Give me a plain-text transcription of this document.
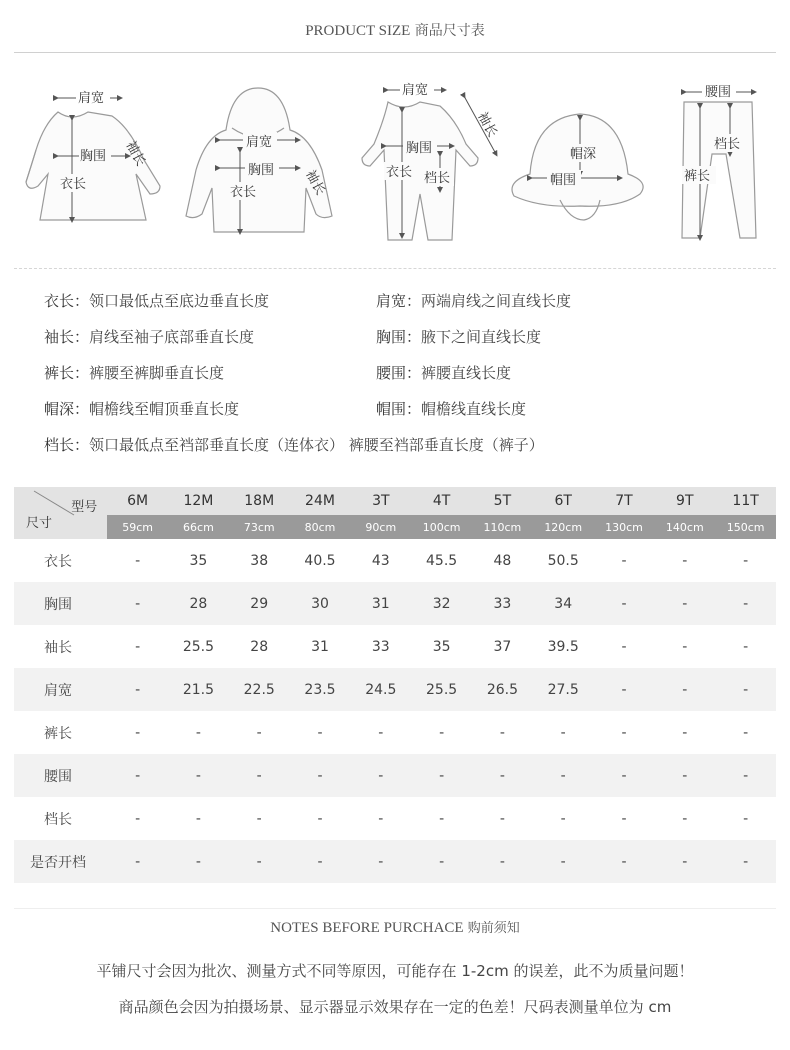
PRODUCT SIZE 商品尺寸表
肩宽
胸围
衣长
袖长	肩宽
胸围
衣长	袖长
肩宽
胸围
衣长 档长
袖长
帽深
帽围
腰围
档长
裤长
衣长：领口最低点至底边垂直长度	肩宽：两端肩线之间直线长度
袖长：肩线至袖子底部垂直长度	胸围：腋下之间直线长度
裤长：裤腰至裤脚垂直长度	腰围：裤腰直线长度
帽深：帽檐线至帽顶垂直长度	帽围：帽檐线直线长度
档长：领口最低点至裆部垂直长度（连体衣） 裤腰至裆部垂直长度（裤子）
型号
尺寸	6M	12M	18M	24M	3T	4T	5T	6T	7T	9T	11T
	59cm	66cm	73cm	80cm	90cm	100cm	110cm	120cm	130cm	140cm	150cm
衣长	-	35	38	40.5	43	45.5	48	50.5	-	-	-
胸围	-	28	29	30	31	32	33	34	-	-	-
袖长	-	25.5	28	31	33	35	37	39.5	-	-	-
肩宽	-	21.5	22.5	23.5	24.5	25.5	26.5	27.5	-	-	-
裤长	-	-	-	-	-	-	-	-	-	-	-
腰围	-	-	-	-	-	-	-	-	-	-	-
档长	-	-	-	-	-	-	-	-	-	-	-
是否开档	-	-	-	-	-	-	-	-	-	-	-
NOTES BEFORE PURCHACE 购前须知
平铺尺寸会因为批次、测量方式不同等原因，可能存在 1-2cm 的误差，此不为质量问题！
商品颜色会因为拍摄场景、显示器显示效果存在一定的色差！尺码表测量单位为 cm
